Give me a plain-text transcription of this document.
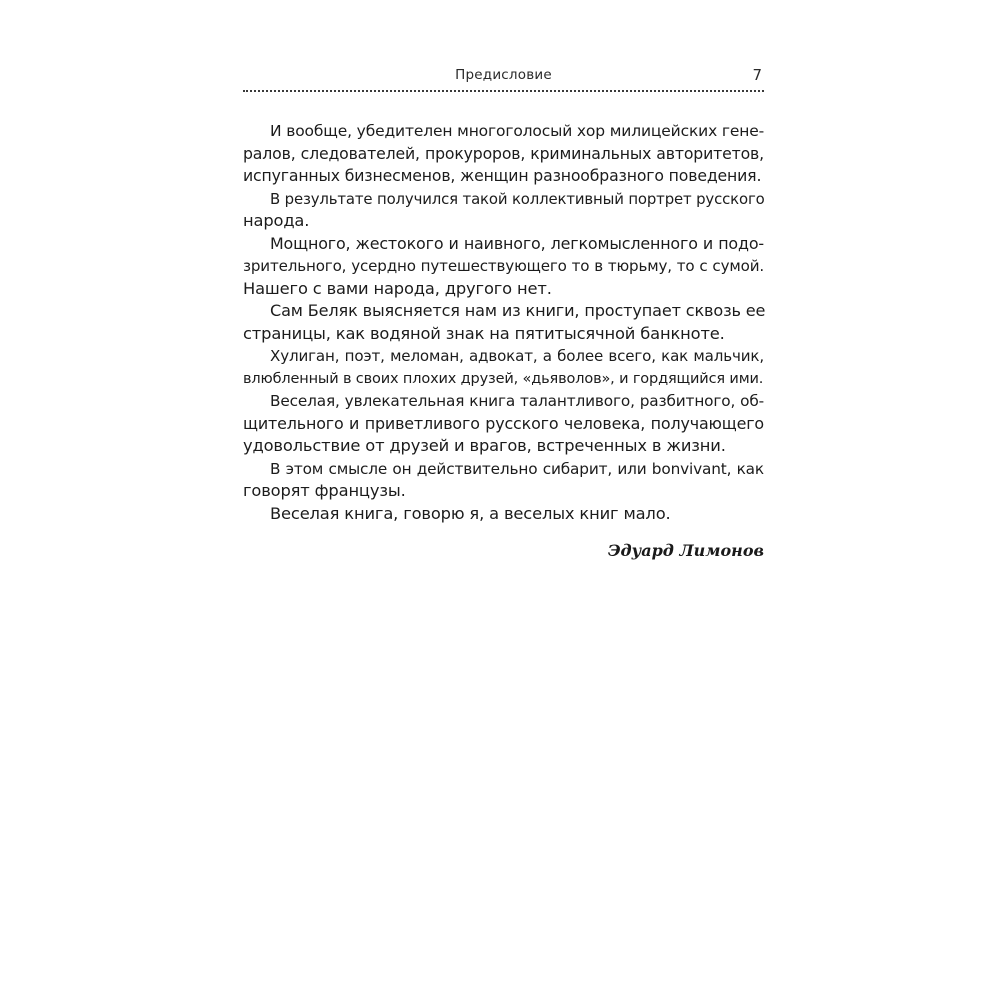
Предисловие	7
И вообще, убедителен многоголосый хор милицейских гене-
ралов, следователей, прокуроров, криминальных авторитетов,
испуганных бизнесменов, женщин разнообразного поведения.
В результате получился такой коллективный портрет русского
народа.
Мощного, жестокого и наивного, легкомысленного и подо-
зрительного, усердно путешествующего то в тюрьму, то с сумой.
Нашего с вами народа, другого нет.
Сам Беляк выясняется нам из книги, проступает сквозь ее
страницы, как водяной знак на пятитысячной банкноте.
Хулиган, поэт, меломан, адвокат, а более всего, как мальчик,
влюбленный в своих плохих друзей, «дьяволов», и гордящийся ими.
Веселая, увлекательная книга талантливого, разбитного, об-
щительного и приветливого русского человека, получающего
удовольствие от друзей и врагов, встреченных в жизни.
В этом смысле он действительно сибарит, или bonvivant, как
говорят французы.
Веселая книга, говорю я, а веселых книг мало.
Эдуард Лимонов
